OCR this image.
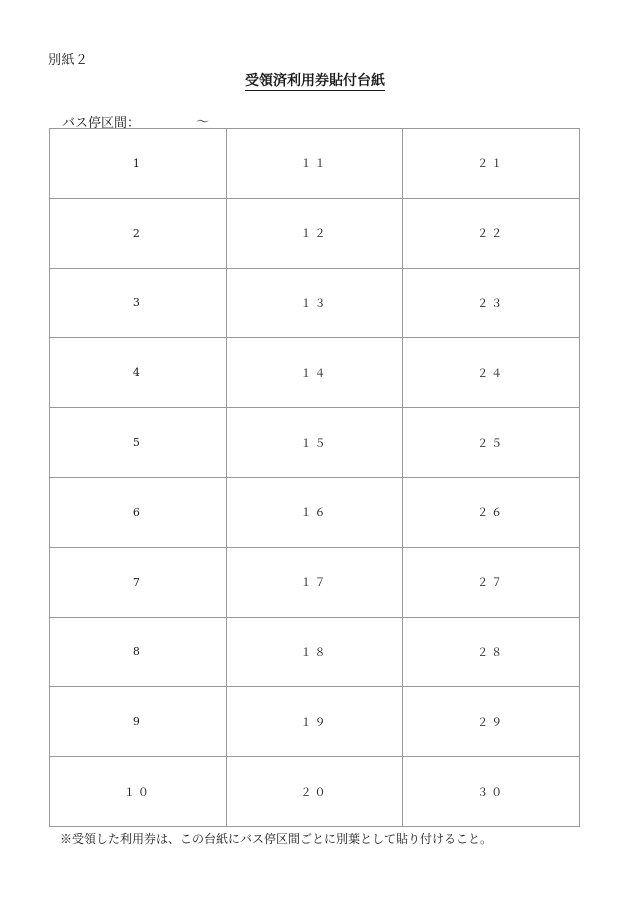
別紙２
受領済利用券貼付台紙
バス停区間：	～
1	１１	２１
2	１２	２２
3	１３	２３
4	１４	２４
5	１５	２５
6	１６	２６
7	１７	２７
8	１８	２８
9	１９	２９
１０	２０	３０
※受領した利用券は、この台紙にバス停区間ごとに別葉として貼り付けること。
